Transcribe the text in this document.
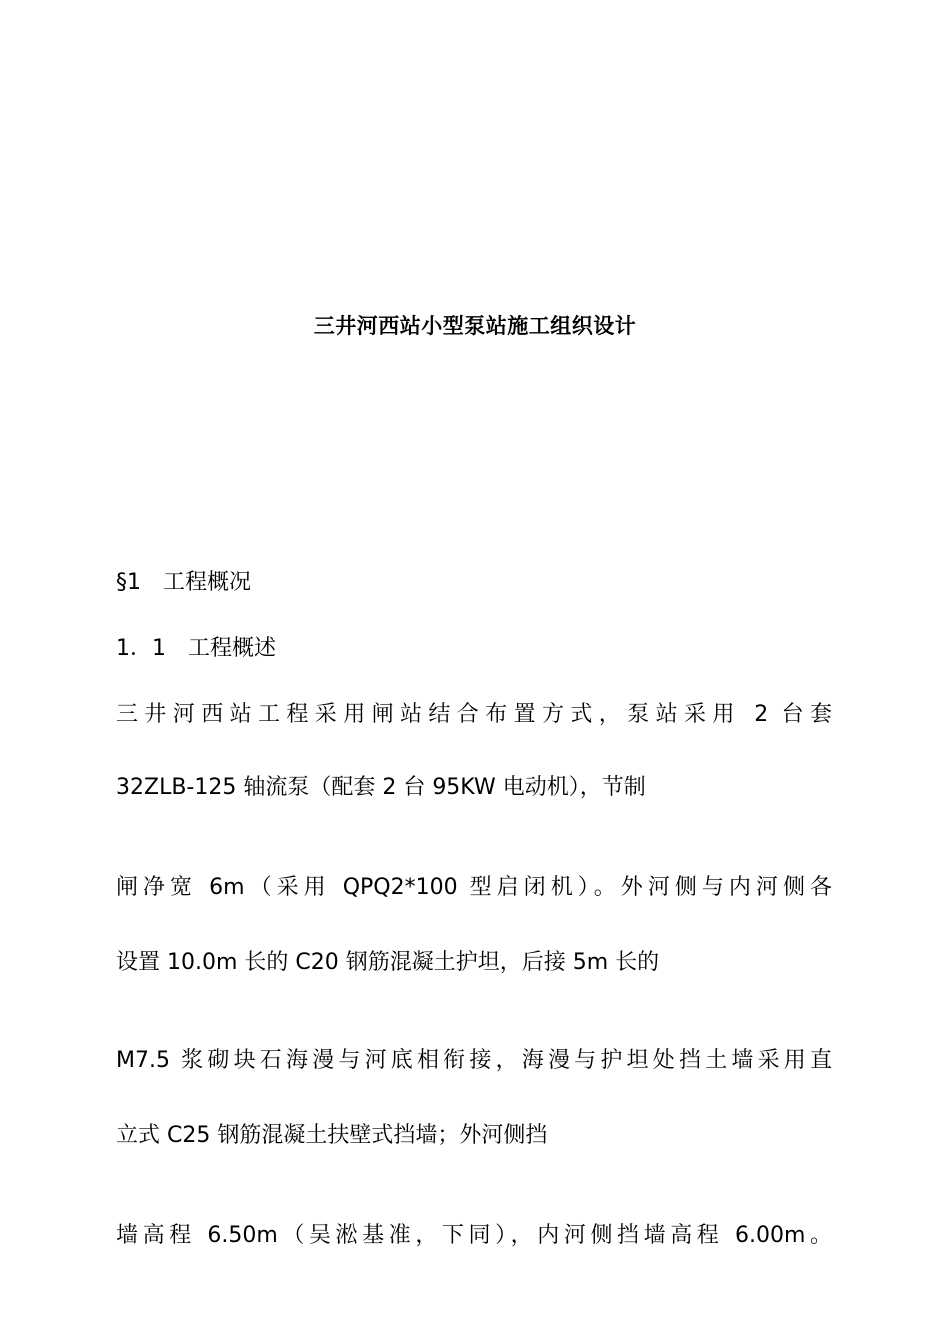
三井河西站小型泵站施工组织设计
§1　工程概况
1．1　工程概述
三井河西站工程采用闸站结合布置方式，泵站采用 2 台套
32ZLB-125 轴流泵（配套 2 台 95KW 电动机），节制
闸净宽 6m（采用 QPQ2*100 型启闭机）。外河侧与内河侧各
设置 10.0m 长的 C20 钢筋混凝土护坦，后接 5m 长的
M7.5 浆砌块石海漫与河底相衔接，海漫与护坦处挡土墙采用直
立式 C25 钢筋混凝土扶壁式挡墙；外河侧挡
墙高程 6.50m（吴淞基准，下同），内河侧挡墙高程 6.00m。
